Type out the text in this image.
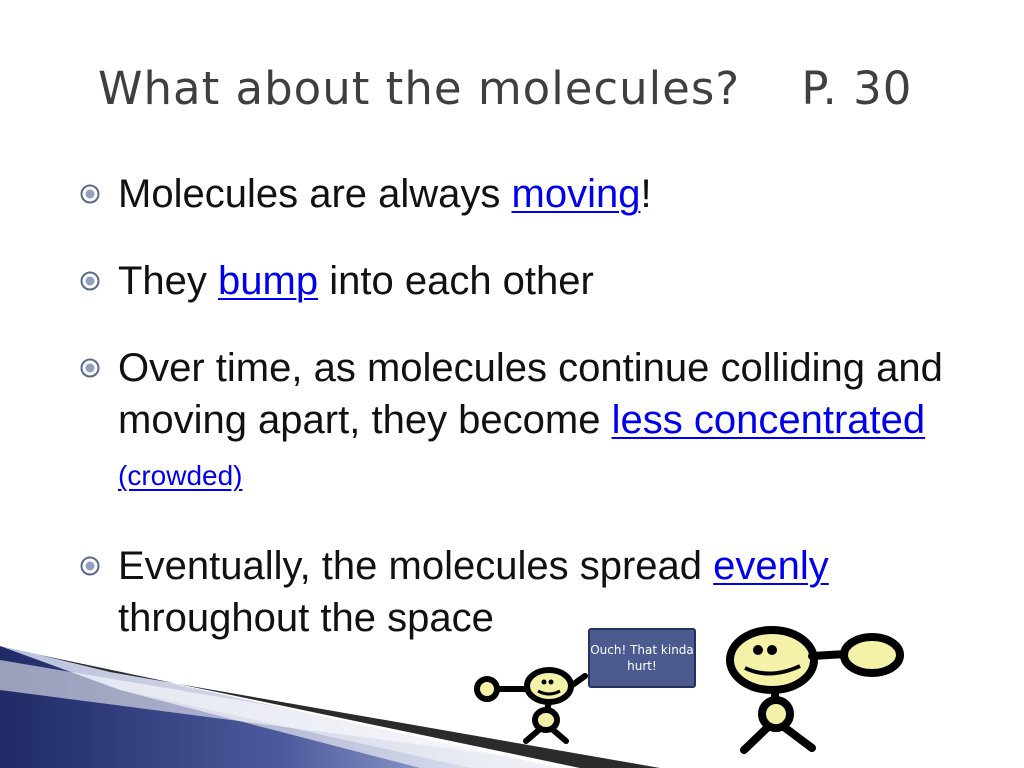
What about the molecules?    P. 30
Molecules are always moving!
They bump into each other
Over time, as molecules continue colliding and moving apart, they become less concentrated (crowded)
Eventually, the molecules spread evenly throughout the space
Ouch! That kinda hurt!
